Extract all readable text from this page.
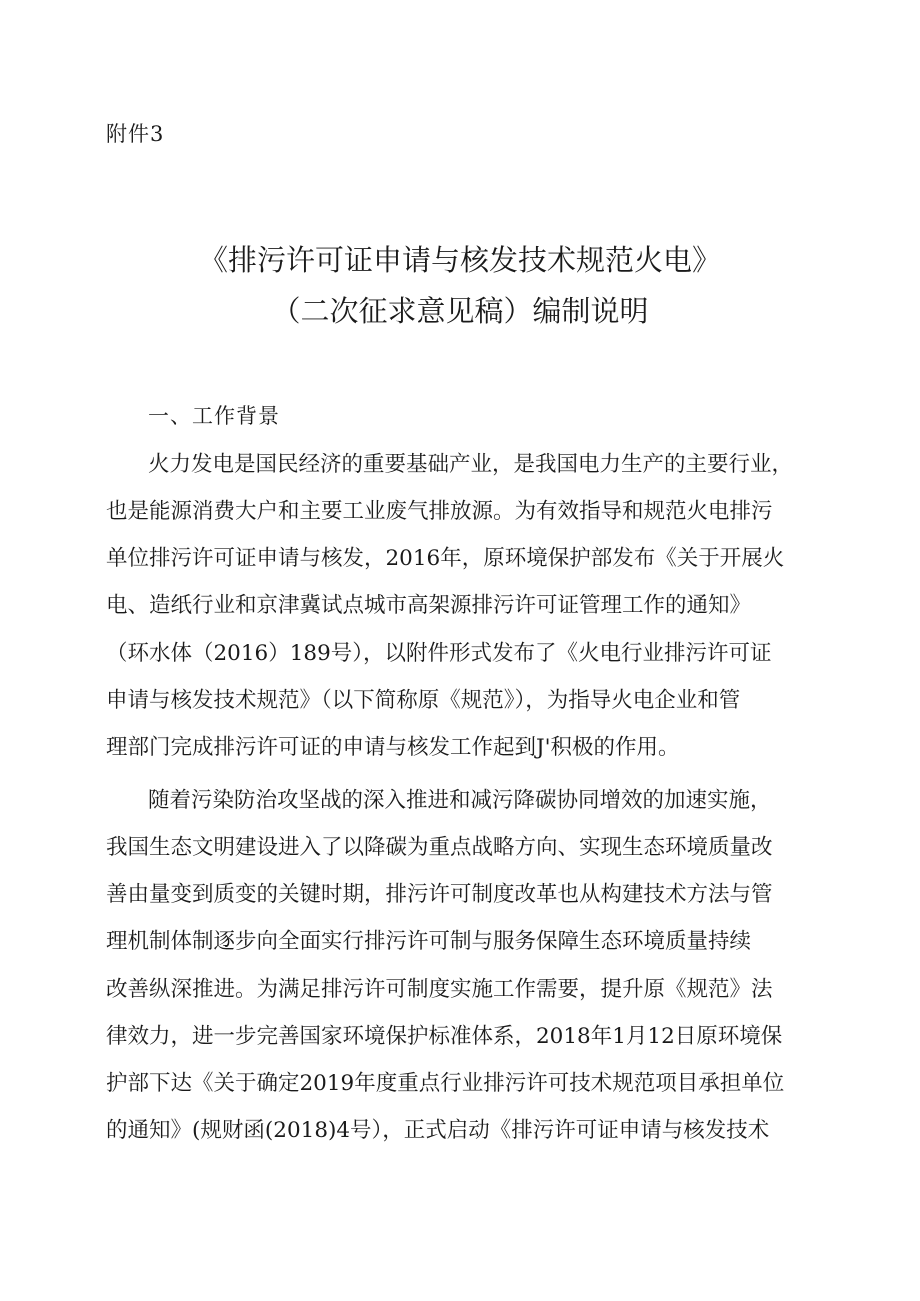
附件3
《排污许可证申请与核发技术规范火电》
（二次征求意见稿）编制说明
一、工作背景
火力发电是国民经济的重要基础产业，是我国电力生产的主要行业，
也是能源消费大户和主要工业废气排放源。为有效指导和规范火电排污
单位排污许可证申请与核发，2016年，原环境保护部发布《关于开展火
电、造纸行业和京津冀试点城市高架源排污许可证管理工作的通知》
（环水体（2016）189号），以附件形式发布了《火电行业排污许可证
申请与核发技术规范》（以下简称原《规范》），为指导火电企业和管
理部门完成排污许可证的申请与核发工作起到J'积极的作用。
随着污染防治攻坚战的深入推进和减污降碳协同增效的加速实施，
我国生态文明建设进入了以降碳为重点战略方向、实现生态环境质量改
善由量变到质变的关键时期，排污许可制度改革也从构建技术方法与管
理机制体制逐步向全面实行排污许可制与服务保障生态环境质量持续
改善纵深推进。为满足排污许可制度实施工作需要，提升原《规范》法
律效力，进一步完善国家环境保护标准体系，2018年1月12日原环境保
护部下达《关于确定2019年度重点行业排污许可技术规范项目承担单位
的通知》(规财函(2018)4号），正式启动《排污许可证申请与核发技术
